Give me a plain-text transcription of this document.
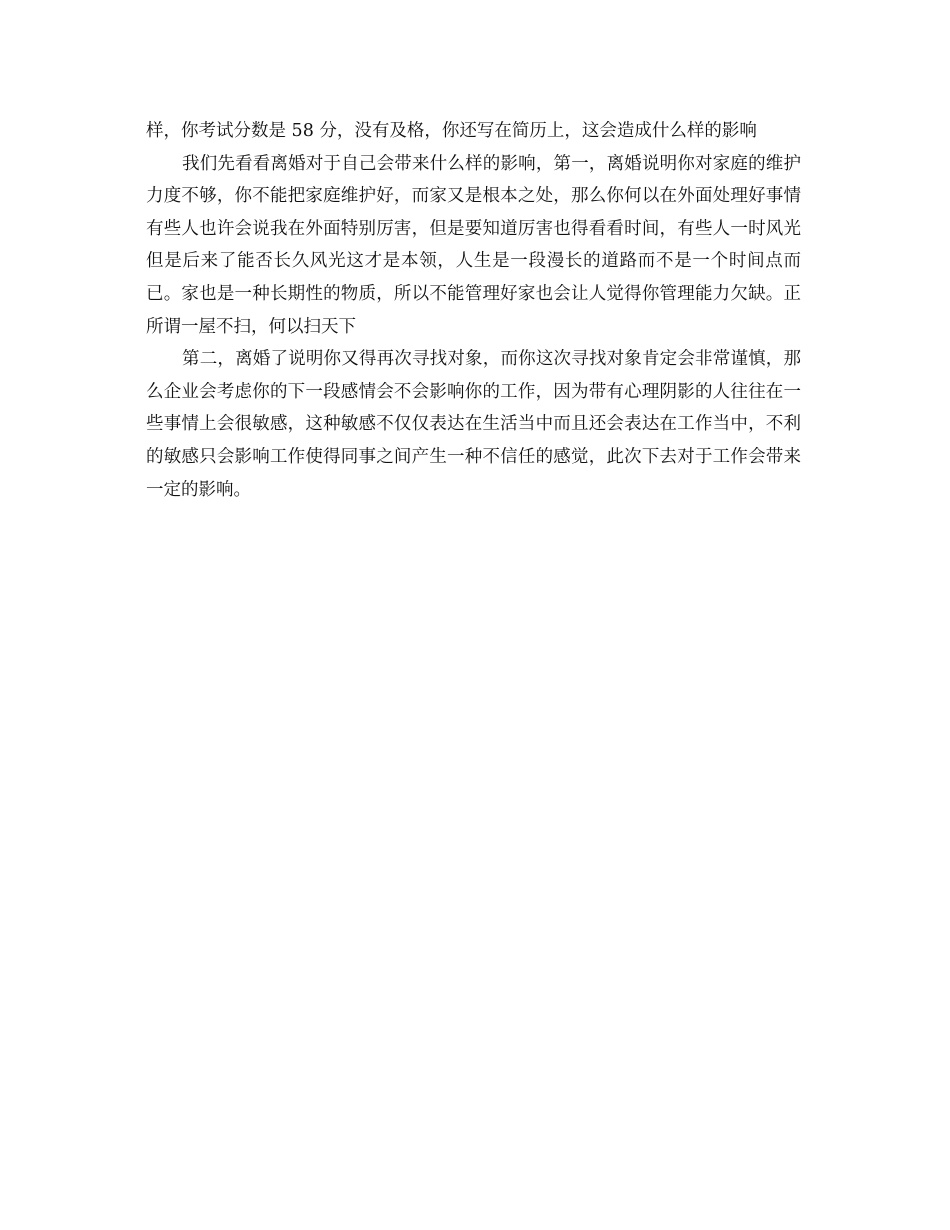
样，你考试分数是 58 分，没有及格，你还写在简历上，这会造成什么样的影响

我们先看看离婚对于自己会带来什么样的影响，第一，离婚说明你对家庭的维护力度不够，你不能把家庭维护好，而家又是根本之处，那么你何以在外面处理好事情有些人也许会说我在外面特别厉害，但是要知道厉害也得看看时间，有些人一时风光但是后来了能否长久风光这才是本领，人生是一段漫长的道路而不是一个时间点而已。家也是一种长期性的物质，所以不能管理好家也会让人觉得你管理能力欠缺。正所谓一屋不扫，何以扫天下

第二，离婚了说明你又得再次寻找对象，而你这次寻找对象肯定会非常谨慎，那么企业会考虑你的下一段感情会不会影响你的工作，因为带有心理阴影的人往往在一些事情上会很敏感，这种敏感不仅仅表达在生活当中而且还会表达在工作当中，不利的敏感只会影响工作使得同事之间产生一种不信任的感觉，此次下去对于工作会带来一定的影响。
